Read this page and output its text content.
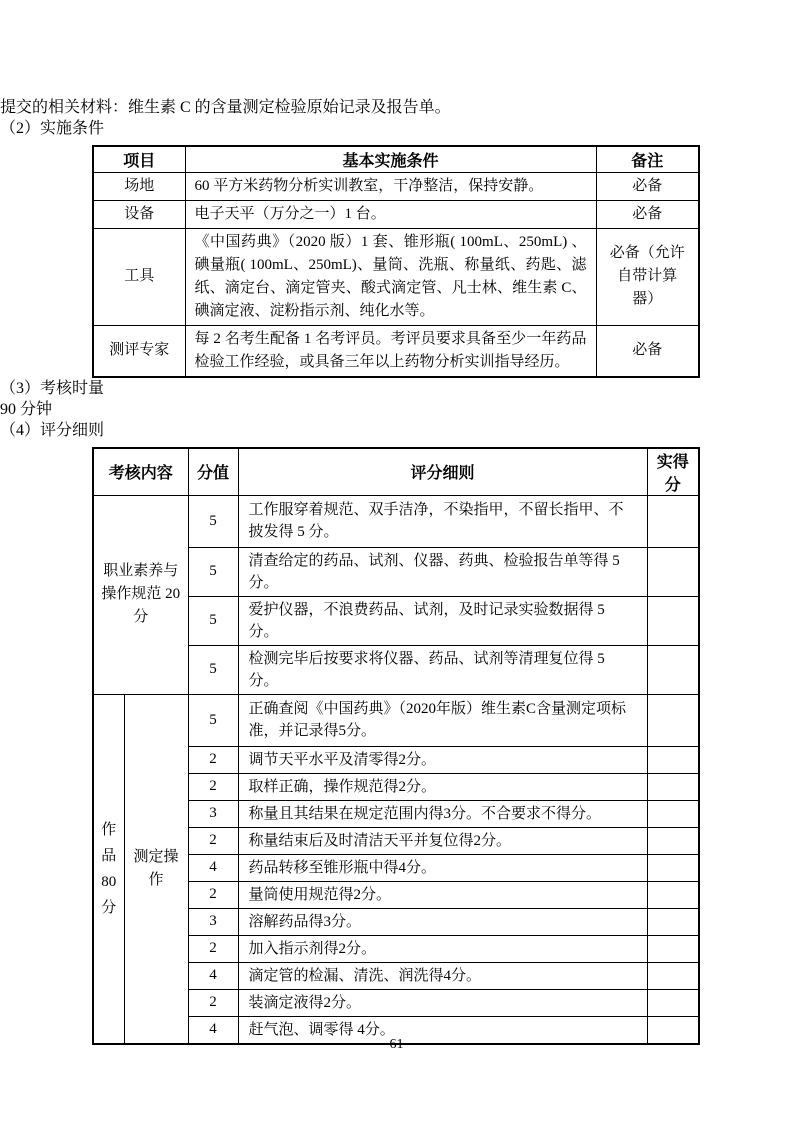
提交的相关材料：维生素 C 的含量测定检验原始记录及报告单。

（2）实施条件

项目	基本实施条件	备注
场地	60 平方米药物分析实训教室，干净整洁，保持安静。	必备
设备	电子天平（万分之一）1 台。	必备
工具	《中国药典》（2020 版）1 套、锥形瓶( 100mL、250mL) 、碘量瓶( 100mL、250mL)、量筒、洗瓶、称量纸、药匙、滤纸、滴定台、滴定管夹、酸式滴定管、凡士林、维生素 C、碘滴定液、淀粉指示剂、纯化水等。	必备（允许自带计算器）
测评专家	每 2 名考生配备 1 名考评员。考评员要求具备至少一年药品检验工作经验，或具备三年以上药物分析实训指导经历。	必备

（3）考核时量

90 分钟

（4）评分细则

考核内容		分值	评分细则	实得分
职业素养与操作规范 20 分		5	工作服穿着规范、双手洁净，不染指甲，不留长指甲、不披发得 5 分。	
		5	清查给定的药品、试剂、仪器、药典、检验报告单等得 5 分。	
		5	爱护仪器，不浪费药品、试剂，及时记录实验数据得 5 分。	
		5	检测完毕后按要求将仪器、药品、试剂等清理复位得 5 分。	

作
品
80
分	测定操作	5	正确查阅《中国药典》（2020年版）维生素C含量测定项标准，并记录得5分。	
		2	调节天平水平及清零得2分。	
		2	取样正确，操作规范得2分。	
		3	称量且其结果在规定范围内得3分。不合要求不得分。	
		2	称量结束后及时清洁天平并复位得2分。	
		4	药品转移至锥形瓶中得4分。	
		2	量筒使用规范得2分。	
		3	溶解药品得3分。	
		2	加入指示剂得2分。	
		4	滴定管的检漏、清洗、润洗得4分。	
		2	装滴定液得2分。	
		4	赶气泡、调零得 4分。	
61
